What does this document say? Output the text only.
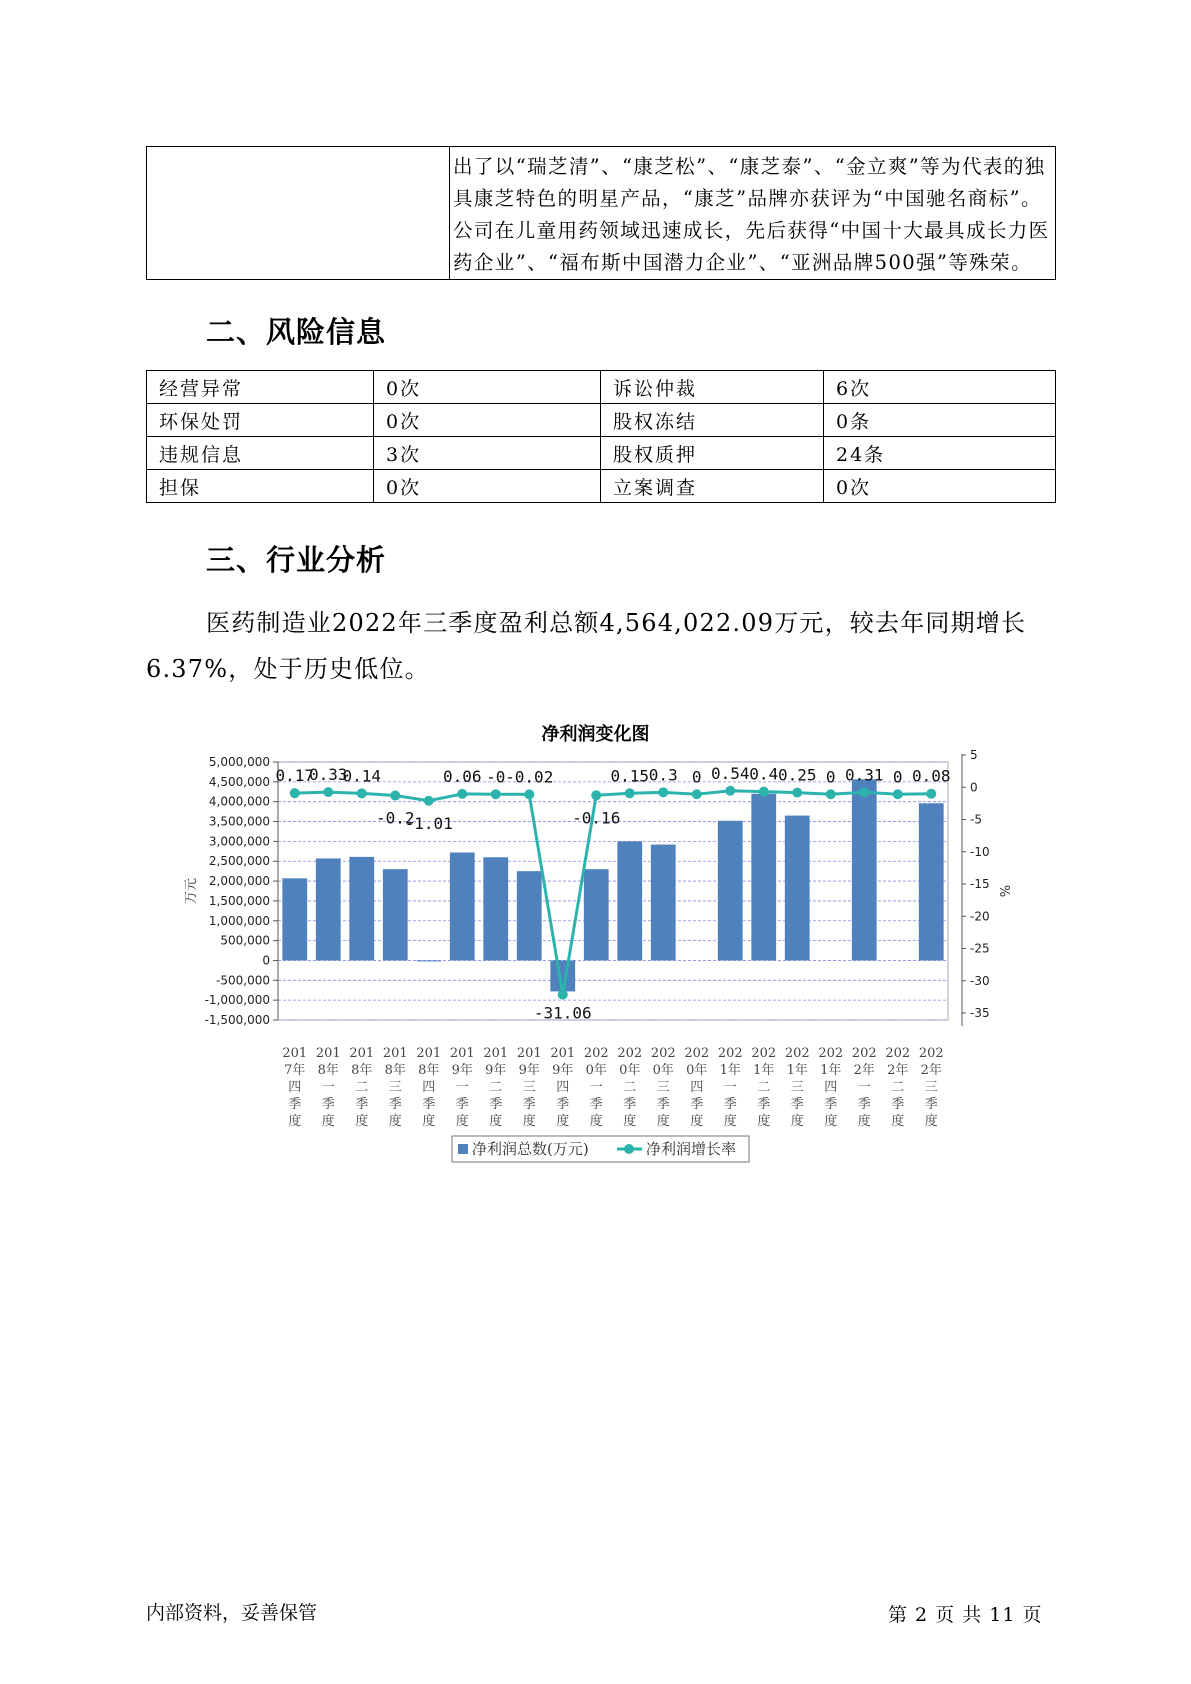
	出了以“瑞芝清”、“康芝松”、“康芝泰”、“金立爽”等为代表的独具康芝特色的明星产品，“康芝”品牌亦获评为“中国驰名商标”。公司在儿童用药领域迅速成长，先后获得“中国十大最具成长力医药企业”、“福布斯中国潜力企业”、“亚洲品牌500强”等殊荣。
二、风险信息
经营异常	0次	诉讼仲裁	6次
环保处罚	0次	股权冻结	0条
违规信息	3次	股权质押	24条
担保	0次	立案调查	0次
三、行业分析
医药制造业2022年三季度盈利总额4,564,022.09万元，较去年同期增长6.37%，处于历史低位。
净利润变化图
5,000,000
4,500,000
4,000,000
3,500,000
3,000,000
2,500,000
2,000,000
1,500,000
1,000,000
500,000
0
-500,000
-1,000,000
-1,500,000
万元
5
0
-5
-10
-15
-20
-25
-30
-35
%
0.17
0.33
0.14
-0.2
-1.01
0.06 -0 -0.02
-31.06
-0.16
0.15 0.3 0 0.54 0.4 0.25 0 0.31 0 0.08
201
7年
四
季
度
201
8年
一
季
度
201
8年
二
季
度
201
8年
三
季
度
201
8年
四
季
度
201
9年
一
季
度
201
9年
二
季
度
201
9年
三
季
度
201
9年
四
季
度
202
0年
一
季
度
202
0年
二
季
度
202
0年
三
季
度
202
0年
四
季
度
202
1年
一
季
度
202
1年
二
季
度
202
1年
三
季
度
202
1年
四
季
度
202
2年
一
季
度
202
2年
二
季
度
202
2年
三
季
度
净利润总数(万元)	净利润增长率
内部资料，妥善保管	第 2 页 共 11 页
